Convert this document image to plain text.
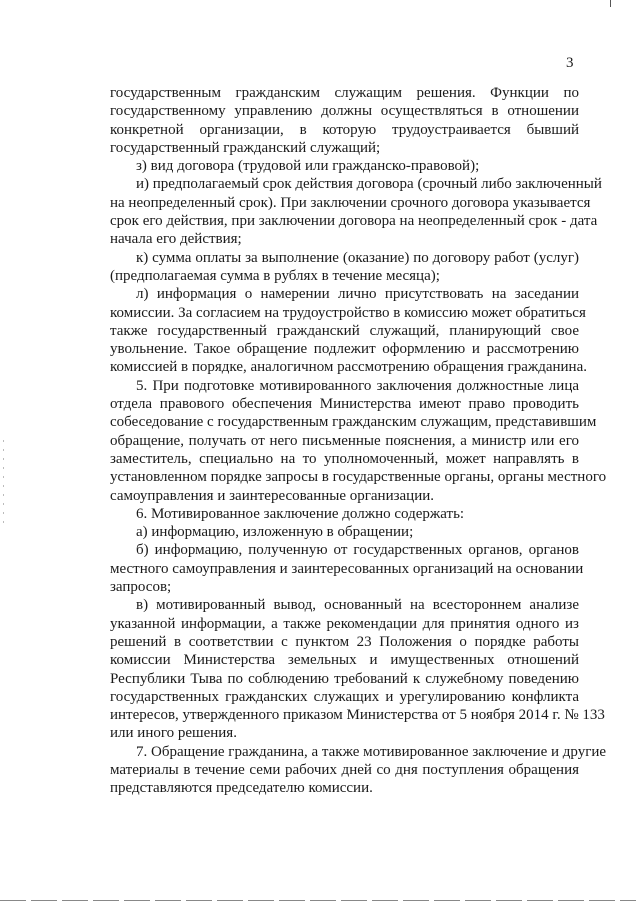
3
государственным гражданским служащим решения. Функции по
государственному управлению должны осуществляться в отношении
конкретной организации, в которую трудоустраивается бывший
государственный гражданский служащий;
з) вид договора (трудовой или гражданско-правовой);
и) предполагаемый срок действия договора (срочный либо заключенный
на неопределенный срок). При заключении срочного договора указывается
срок его действия, при заключении договора на неопределенный срок - дата
начала его действия;
к) сумма оплаты за выполнение (оказание) по договору работ (услуг)
(предполагаемая сумма в рублях в течение месяца);
л) информация о намерении лично присутствовать на заседании
комиссии. За согласием на трудоустройство в комиссию может обратиться
также государственный гражданский служащий, планирующий свое
увольнение. Такое обращение подлежит оформлению и рассмотрению
комиссией в порядке, аналогичном рассмотрению обращения гражданина.
5. При подготовке мотивированного заключения должностные лица
отдела правового обеспечения Министерства имеют право проводить
собеседование с государственным гражданским служащим, представившим
обращение, получать от него письменные пояснения, а министр или его
заместитель, специально на то уполномоченный, может направлять в
установленном порядке запросы в государственные органы, органы местного
самоуправления и заинтересованные организации.
6. Мотивированное заключение должно содержать:
а) информацию, изложенную в обращении;
б) информацию, полученную от государственных органов, органов
местного самоуправления и заинтересованных организаций на основании
запросов;
в) мотивированный вывод, основанный на всестороннем анализе
указанной информации, а также рекомендации для принятия одного из
решений в соответствии с пунктом 23 Положения о порядке работы
комиссии Министерства земельных и имущественных отношений
Республики Тыва по соблюдению требований к служебному поведению
государственных гражданских служащих и урегулированию конфликта
интересов, утвержденного приказом Министерства от 5 ноября 2014 г. № 133
или иного решения.
7. Обращение гражданина, а также мотивированное заключение и другие
материалы в течение семи рабочих дней со дня поступления обращения
представляются председателю комиссии.
